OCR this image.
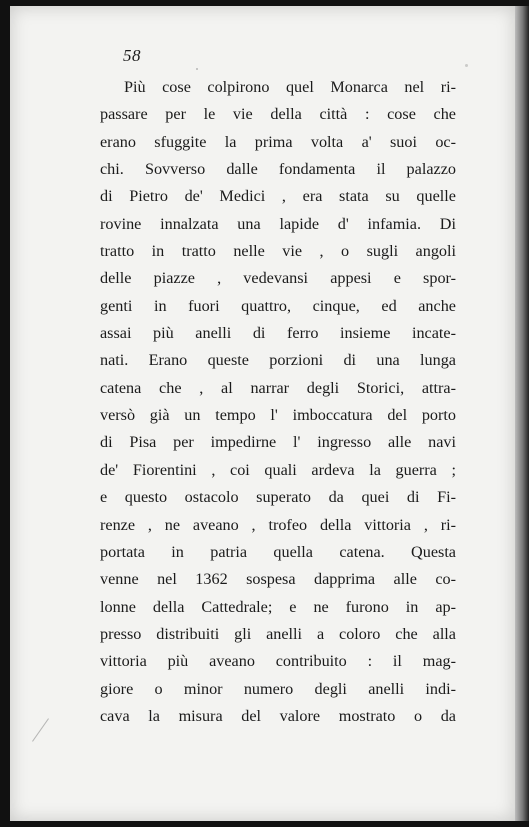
58
Più cose colpirono quel Monarca nel ri-
passare per le vie della città : cose che
erano sfuggite la prima volta a' suoi oc-
chi. Sovverso dalle fondamenta il palazzo
di Pietro de' Medici , era stata su quelle
rovine innalzata una lapide d' infamia. Di
tratto in tratto nelle vie , o sugli angoli
delle piazze , vedevansi appesi e spor-
genti in fuori quattro, cinque, ed anche
assai più anelli di ferro insieme incate-
nati. Erano queste porzioni di una lunga
catena che , al narrar degli Storici, attra-
versò già un tempo l' imboccatura del porto
di Pisa per impedirne l' ingresso alle navi
de' Fiorentini , coi quali ardeva la guerra ;
e questo ostacolo superato da quei di Fi-
renze , ne aveano , trofeo della vittoria , ri-
portata in patria quella catena. Questa
venne nel 1362 sospesa dapprima alle co-
lonne della Cattedrale; e ne furono in ap-
presso distribuiti gli anelli a coloro che alla
vittoria più aveano contribuito : il mag-
giore o minor numero degli anelli indi-
cava la misura del valore mostrato o da
